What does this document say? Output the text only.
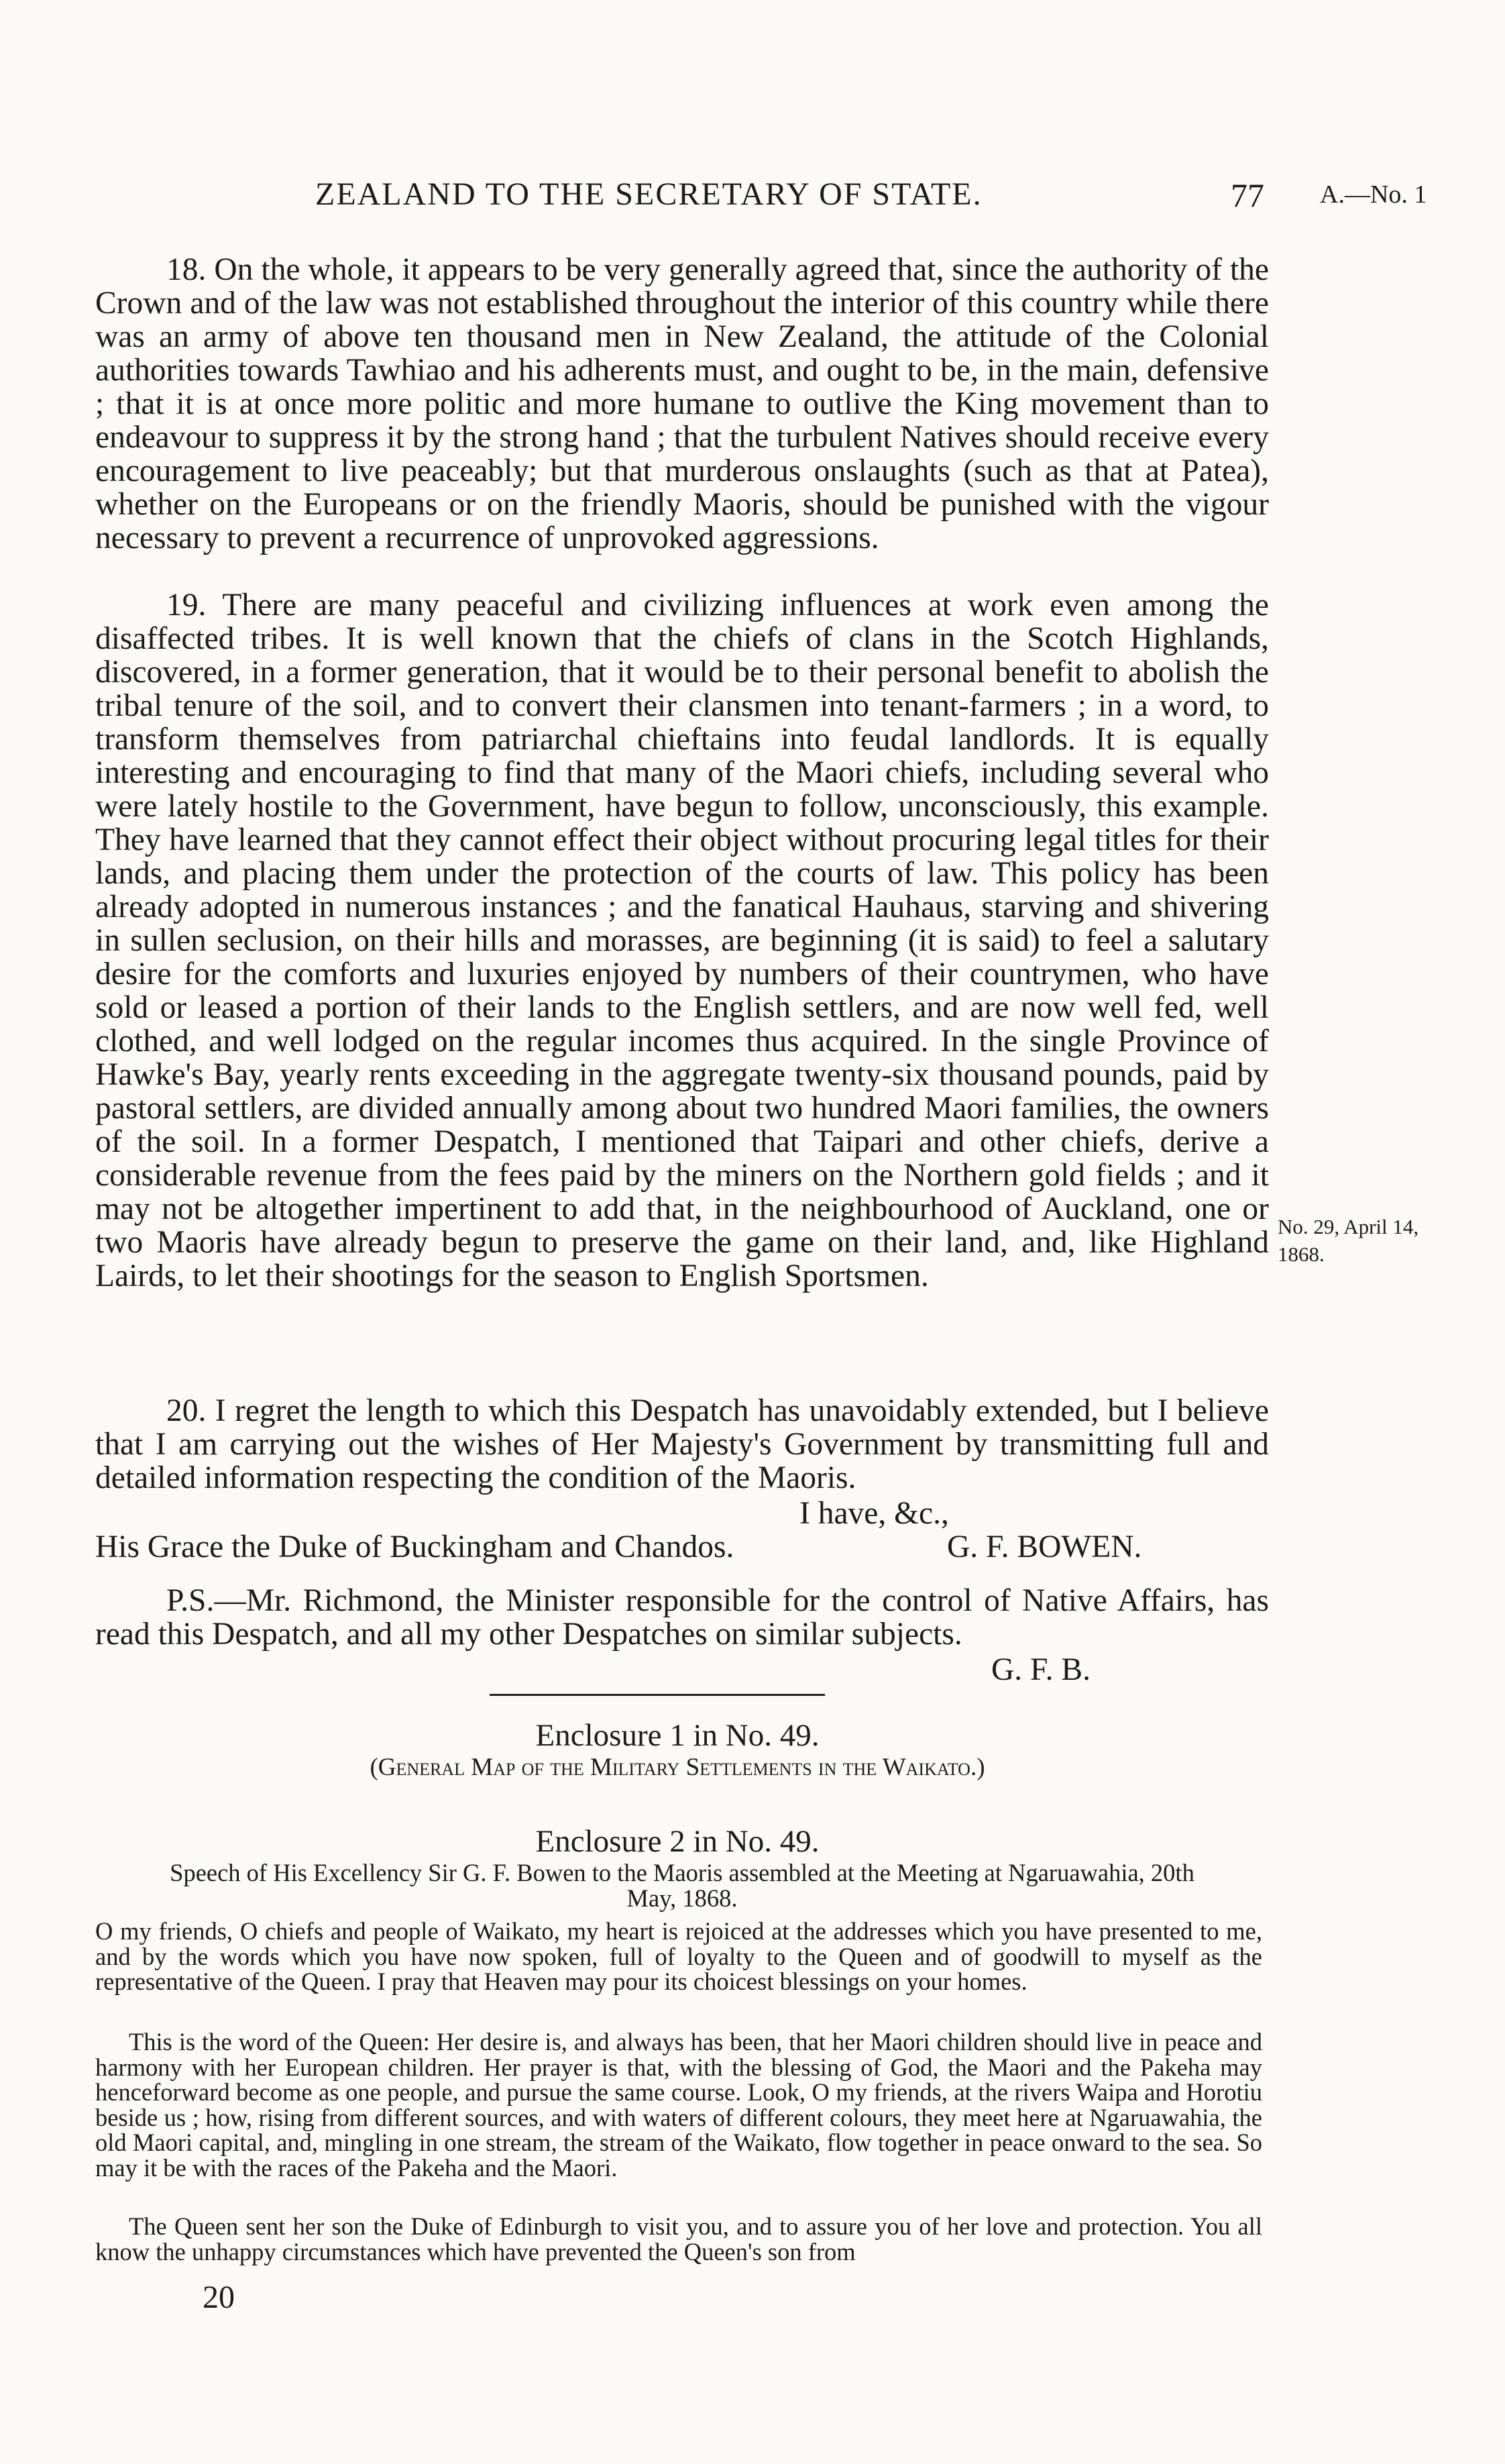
ZEALAND TO THE SECRETARY OF STATE.	77 A.—No. 1

18. On the whole, it appears to be very generally agreed that, since the authority of the Crown and of the law was not established throughout the interior of this country while there was an army of above ten thousand men in New Zealand, the attitude of the Colonial authorities towards Tawhiao and his adherents must, and ought to be, in the main, defensive ; that it is at once more politic and more humane to outlive the King movement than to endeavour to suppress it by the strong hand ; that the turbulent Natives should receive every encouragement to live peaceably; but that murderous onslaughts (such as that at Patea), whether on the Europeans or on the friendly Maoris, should be punished with the vigour necessary to prevent a recurrence of unprovoked aggressions.

19. There are many peaceful and civilizing influences at work even among the disaffected tribes. It is well known that the chiefs of clans in the Scotch Highlands, discovered, in a former generation, that it would be to their personal benefit to abolish the tribal tenure of the soil, and to convert their clansmen into tenant-farmers ; in a word, to transform themselves from patriarchal chieftains into feudal landlords. It is equally interesting and encouraging to find that many of the Maori chiefs, including several who were lately hostile to the Government, have begun to follow, unconsciously, this example. They have learned that they cannot effect their object without procuring legal titles for their lands, and placing them under the protection of the courts of law. This policy has been already adopted in numerous instances ; and the fanatical Hauhaus, starving and shivering in sullen seclusion, on their hills and morasses, are beginning (it is said) to feel a salutary desire for the comforts and luxuries enjoyed by numbers of their countrymen, who have sold or leased a portion of their lands to the English settlers, and are now well fed, well clothed, and well lodged on the regular incomes thus acquired. In the single Province of Hawke's Bay, yearly rents exceeding in the aggregate twenty-six thousand pounds, paid by pastoral settlers, are divided annually among about two hundred Maori families, the owners of the soil. In a former Despatch, I mentioned that Taipari and other chiefs, derive a considerable revenue from the fees paid by the miners on the Northern gold fields ; and it may not be altogether impertinent to add that, in the neighbourhood of Auckland, one or two Maoris have already begun to preserve the game on their land, and, like Highland Lairds, to let their shootings for the season to English Sportsmen.

No. 29, April 14,
1868.

20. I regret the length to which this Despatch has unavoidably extended, but I believe that I am carrying out the wishes of Her Majesty's Government by transmitting full and detailed information respecting the condition of the Maoris.

I have, &c.,
His Grace the Duke of Buckingham and Chandos.	G. F. BOWEN.

P.S.—Mr. Richmond, the Minister responsible for the control of Native Affairs, has read this Despatch, and all my other Despatches on similar subjects.

G. F. B.
Enclosure 1 in No. 49.
(General Map of the Military Settlements in the Waikato.)
Enclosure 2 in No. 49.

Speech of His Excellency Sir G. F. Bowen to the Maoris assembled at the Meeting at Ngaruawahia, 20th May, 1868.

O my friends, O chiefs and people of Waikato, my heart is rejoiced at the addresses which you have presented to me, and by the words which you have now spoken, full of loyalty to the Queen and of goodwill to myself as the representative of the Queen. I pray that Heaven may pour its choicest blessings on your homes.

This is the word of the Queen: Her desire is, and always has been, that her Maori children should live in peace and harmony with her European children. Her prayer is that, with the blessing of God, the Maori and the Pakeha may henceforward become as one people, and pursue the same course. Look, O my friends, at the rivers Waipa and Horotiu beside us ; how, rising from different sources, and with waters of different colours, they meet here at Ngaruawahia, the old Maori capital, and, mingling in one stream, the stream of the Waikato, flow together in peace onward to the sea. So may it be with the races of the Pakeha and the Maori.

The Queen sent her son the Duke of Edinburgh to visit you, and to assure you of her love and protection. You all know the unhappy circumstances which have prevented the Queen's son from

20
